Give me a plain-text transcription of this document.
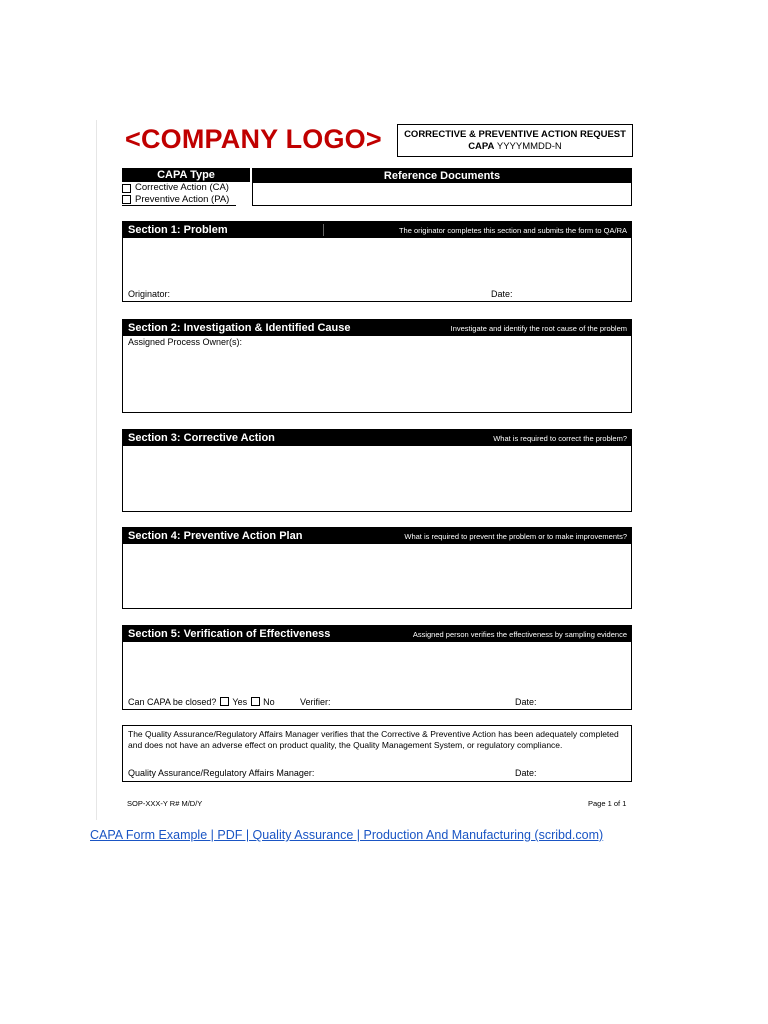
<COMPANY LOGO>	CORRECTIVE & PREVENTIVE ACTION REQUEST
CAPA YYYYMMDD-N
CAPA Type
Corrective Action (CA)
Preventive Action (PA)
Reference Documents
Section 1: Problem	The originator completes this section and submits the form to QA/RA
Originator:	Date:
Section 2: Investigation & Identified Cause	Investigate and identify the root cause of the problem
Assigned Process Owner(s):
Section 3: Corrective Action	What is required to correct the problem?
Section 4: Preventive Action Plan	What is required to prevent the problem or to make improvements?
Section 5: Verification of Effectiveness	Assigned person verifies the effectiveness by sampling evidence
Can CAPA be closed? Yes No	Verifier:	Date:
The Quality Assurance/Regulatory Affairs Manager verifies that the Corrective & Preventive Action has been adequately completed and does not have an adverse effect on product quality, the Quality Management System, or regulatory compliance.
Quality Assurance/Regulatory Affairs Manager:	Date:
SOP-XXX-Y R# M/D/Y	Page 1 of 1
CAPA Form Example | PDF | Quality Assurance | Production And Manufacturing (scribd.com)
